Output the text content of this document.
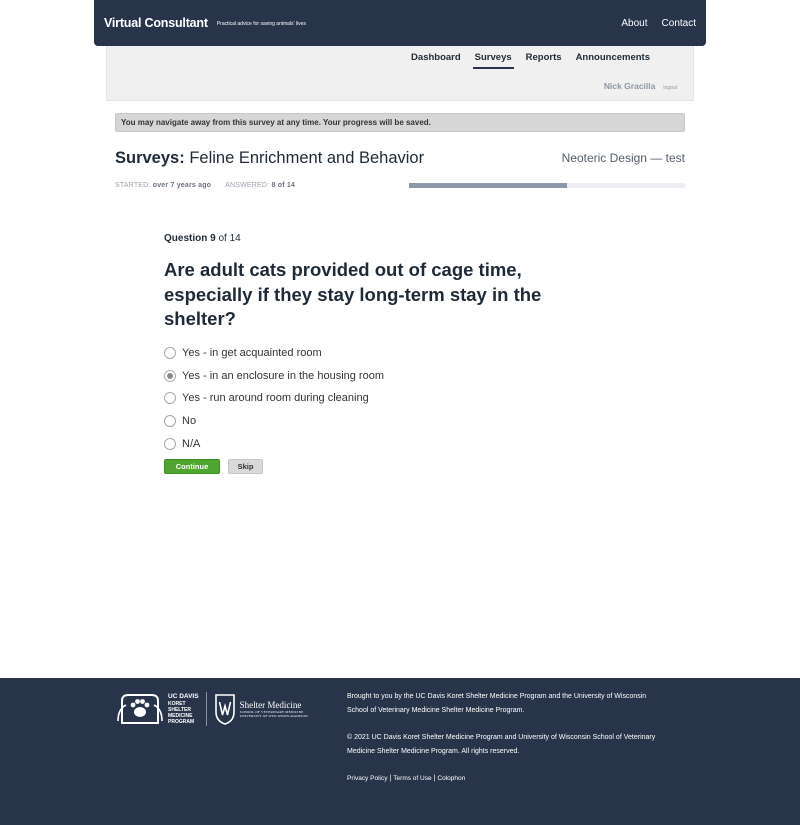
Virtual Consultant Practical advice for saving animals' lives	About Contact
Dashboard Surveys Reports Announcements
Nick Gracilla logout
You may navigate away from this survey at any time. Your progress will be saved.
Surveys: Feline Enrichment and Behavior	Neoteric Design — test
STARTED: over 7 years ago ANSWERED: 8 of 14
Question 9 of 14
Are adult cats provided out of cage time, especially if they stay long-term stay in the shelter?
Yes - in get acquainted room
Yes - in an enclosure in the housing room
Yes - run around room during cleaning
No
N/A
Continue	Skip
UC DAVIS
KORET
SHELTER
MEDICINE
PROGRAM
Shelter Medicine
SCHOOL OF VETERINARY MEDICINE
UNIVERSITY OF WISCONSIN-MADISON

Brought to you by the UC Davis Koret Shelter Medicine Program and the University of Wisconsin School of Veterinary Medicine Shelter Medicine Program.

© 2021 UC Davis Koret Shelter Medicine Program and University of Wisconsin School of Veterinary Medicine Shelter Medicine Program. All rights reserved.

Privacy Policy | Terms of Use | Colophon
